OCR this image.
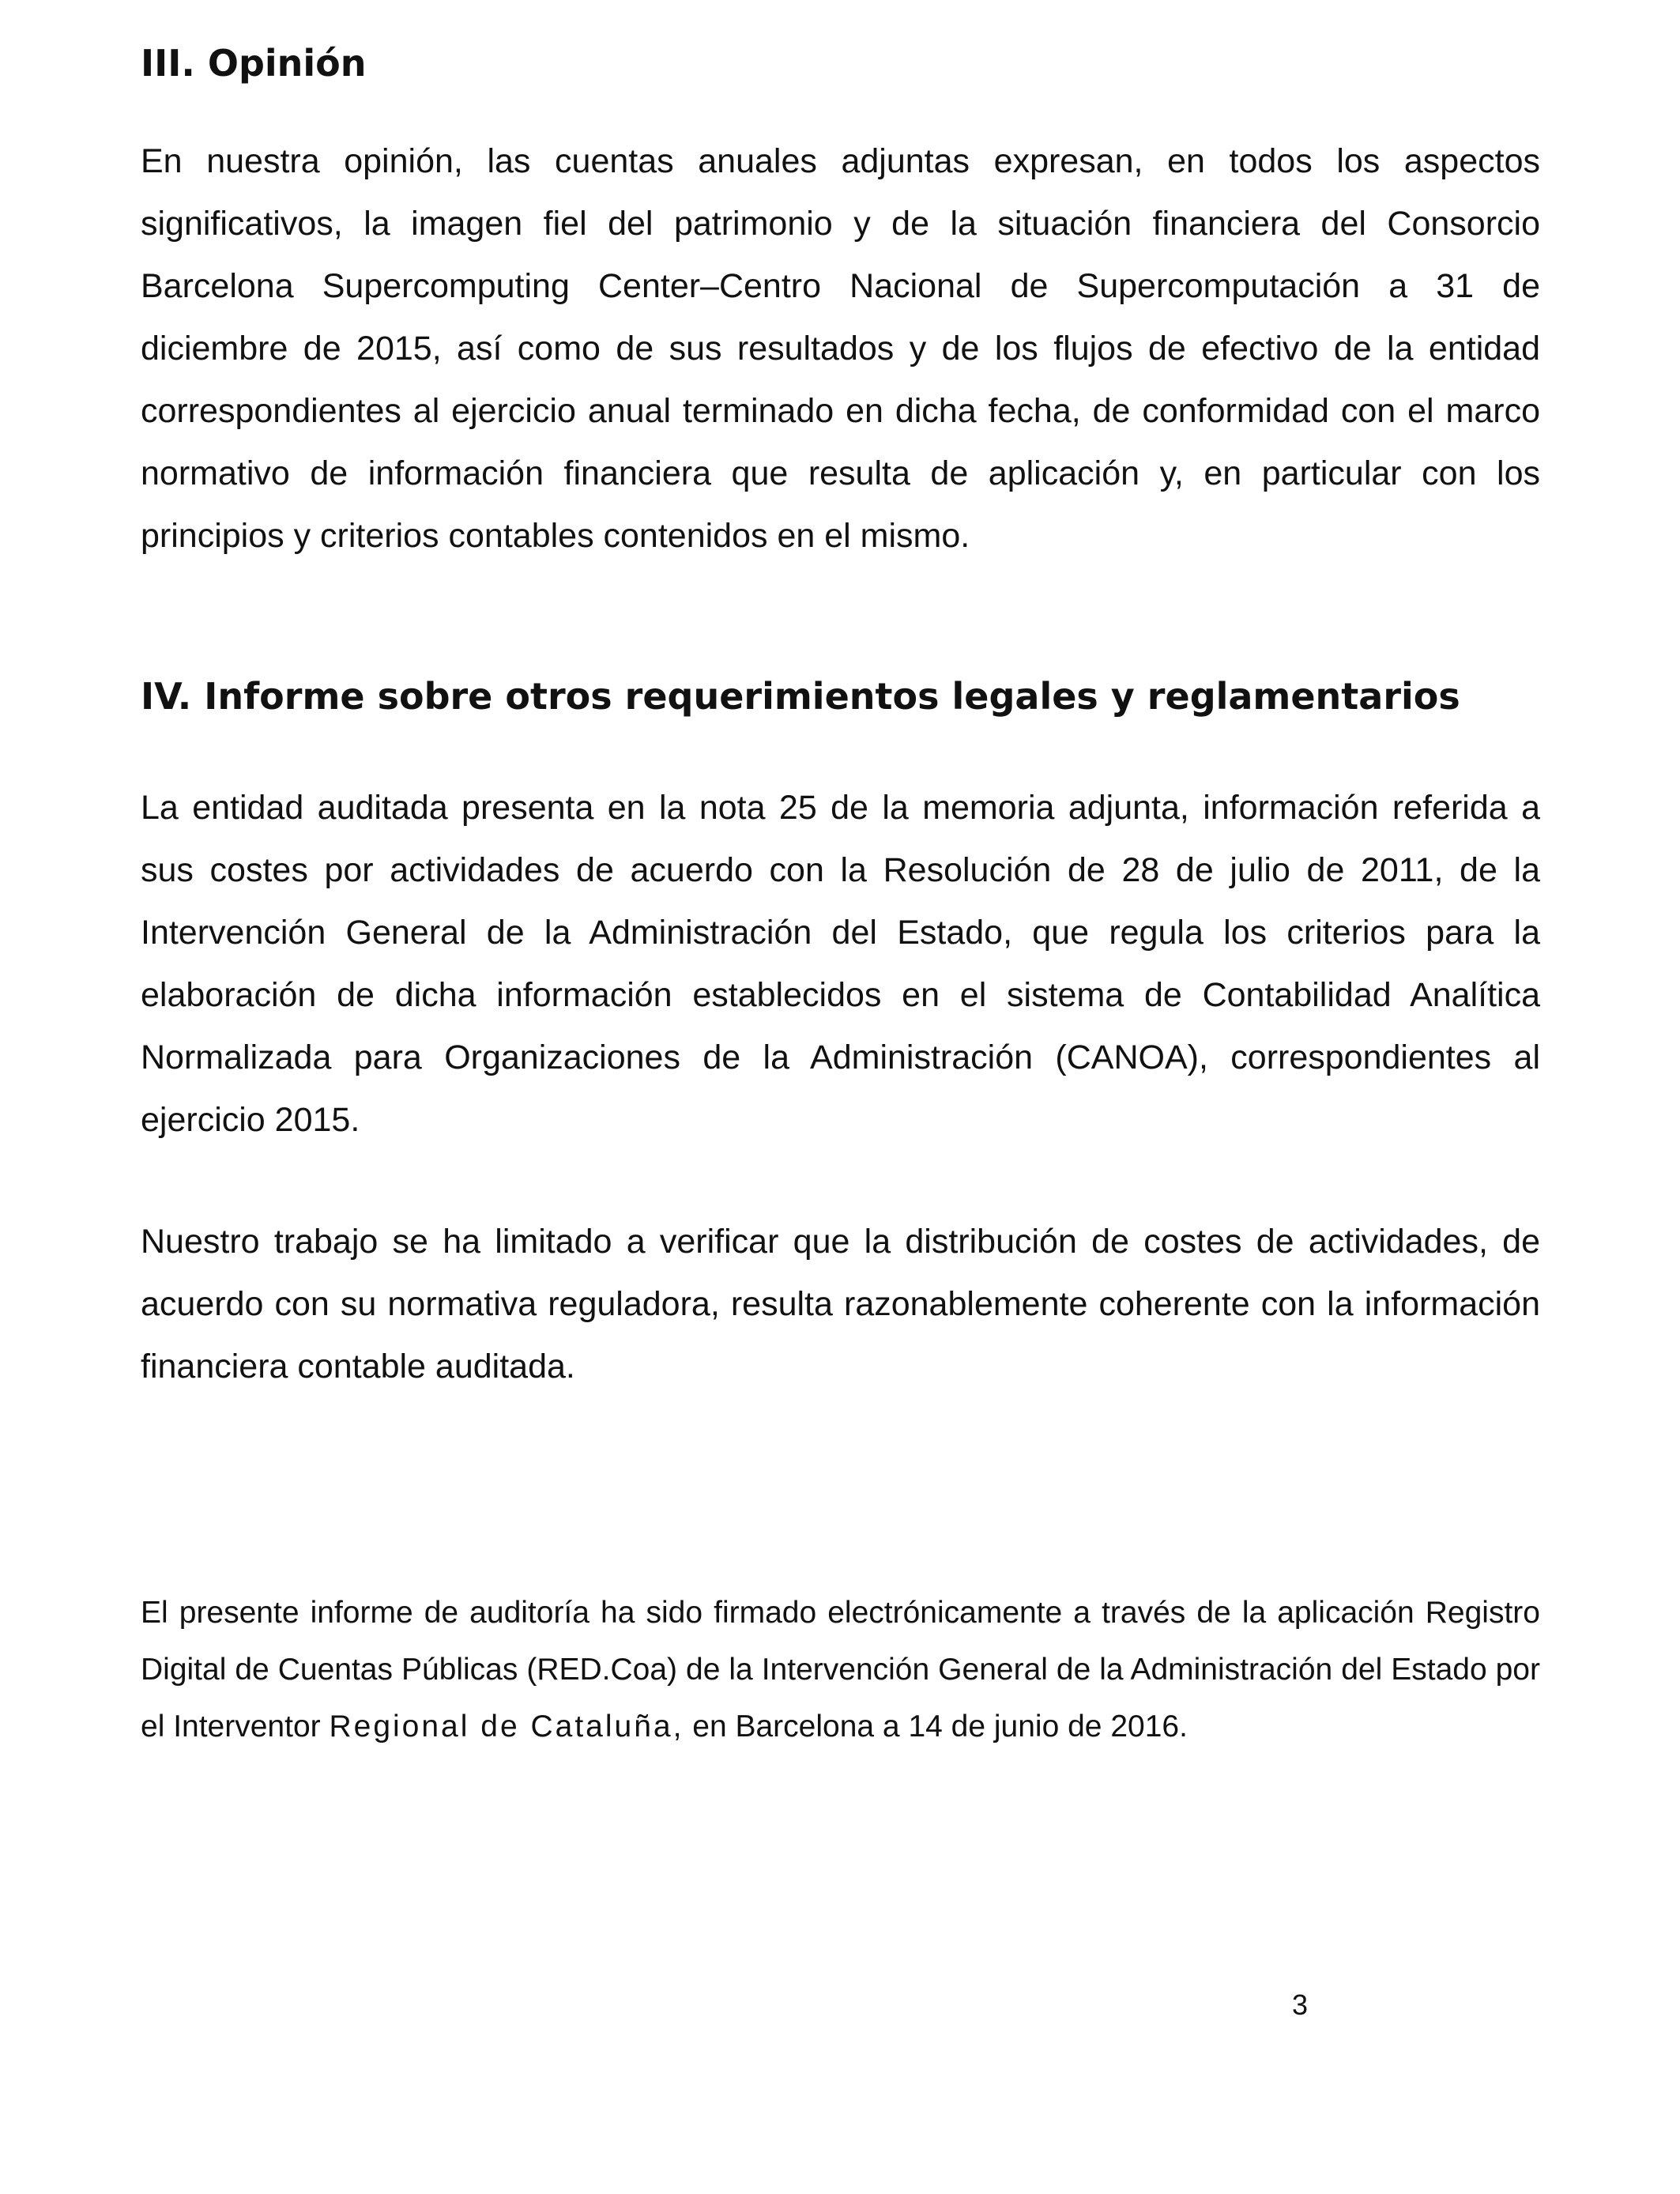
III. Opinión

En nuestra opinión, las cuentas anuales adjuntas expresan, en todos los aspectos significativos, la imagen fiel del patrimonio y de la situación financiera del Consorcio Barcelona Supercomputing Center–Centro Nacional de Supercomputación a 31 de diciembre de 2015, así como de sus resultados y de los flujos de efectivo de la entidad correspondientes al ejercicio anual terminado en dicha fecha, de conformidad con el marco normativo de información financiera que resulta de aplicación y, en particular con los principios y criterios contables contenidos en el mismo.

IV. Informe sobre otros requerimientos legales y reglamentarios

La entidad auditada presenta en la nota 25 de la memoria adjunta, información referida a sus costes por actividades de acuerdo con la Resolución de 28 de julio de 2011, de la Intervención General de la Administración del Estado, que regula los criterios para la elaboración de dicha información establecidos en el sistema de Contabilidad Analítica Normalizada para Organizaciones de la Administración (CANOA), correspondientes al ejercicio 2015.

Nuestro trabajo se ha limitado a verificar que la distribución de costes de actividades, de acuerdo con su normativa reguladora, resulta razonablemente coherente con la información financiera contable auditada.

El presente informe de auditoría ha sido firmado electrónicamente a través de la aplicación Registro Digital de Cuentas Públicas (RED.Coa) de la Intervención General de la Administración del Estado por el Interventor Regional de Cataluña, en Barcelona a 14 de junio de 2016.

3
